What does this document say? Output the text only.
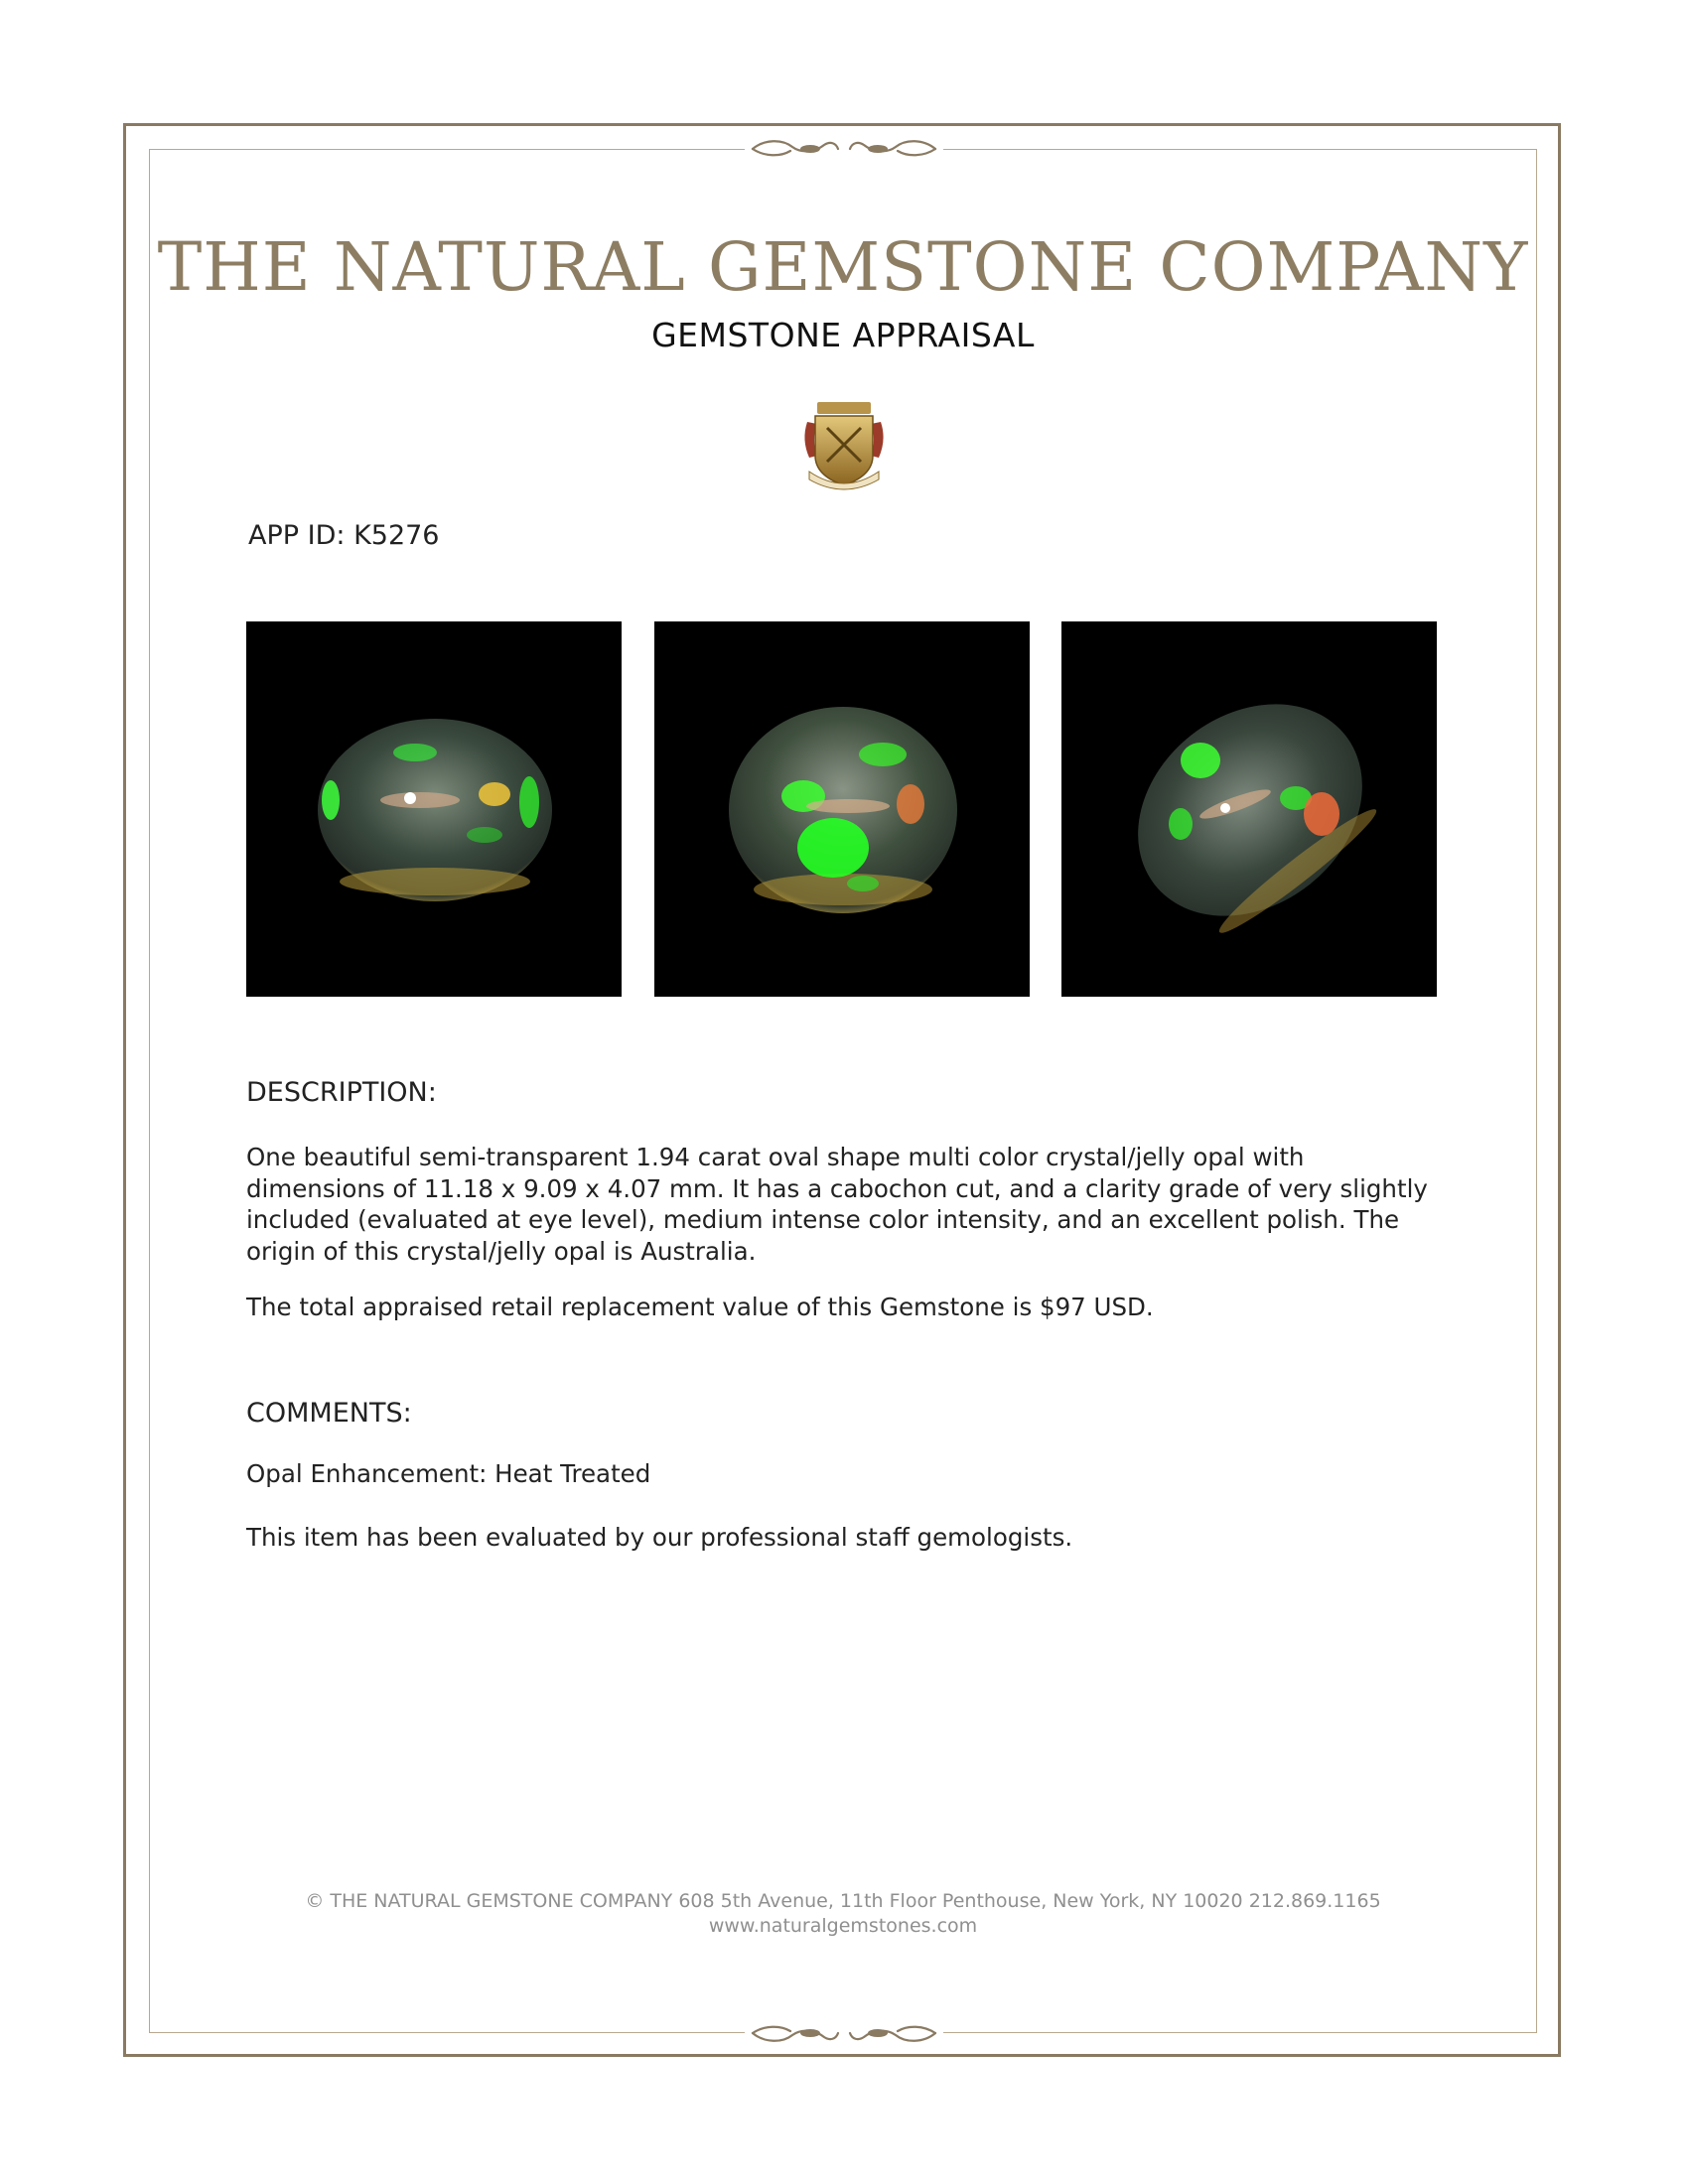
THE NATURAL GEMSTONE COMPANY
GEMSTONE APPRAISAL
APP ID: K5276
DESCRIPTION:
One beautiful semi-transparent 1.94 carat oval shape multi color crystal/jelly opal with dimensions of 11.18 x 9.09 x 4.07 mm. It has a cabochon cut, and a clarity grade of very slightly included (evaluated at eye level), medium intense color intensity, and an excellent polish. The origin of this crystal/jelly opal is Australia.
The total appraised retail replacement value of this Gemstone is $97 USD.
COMMENTS:
Opal Enhancement: Heat Treated
This item has been evaluated by our professional staff gemologists.
© THE NATURAL GEMSTONE COMPANY 608 5th Avenue, 11th Floor Penthouse, New York, NY 10020 212.869.1165
www.naturalgemstones.com
